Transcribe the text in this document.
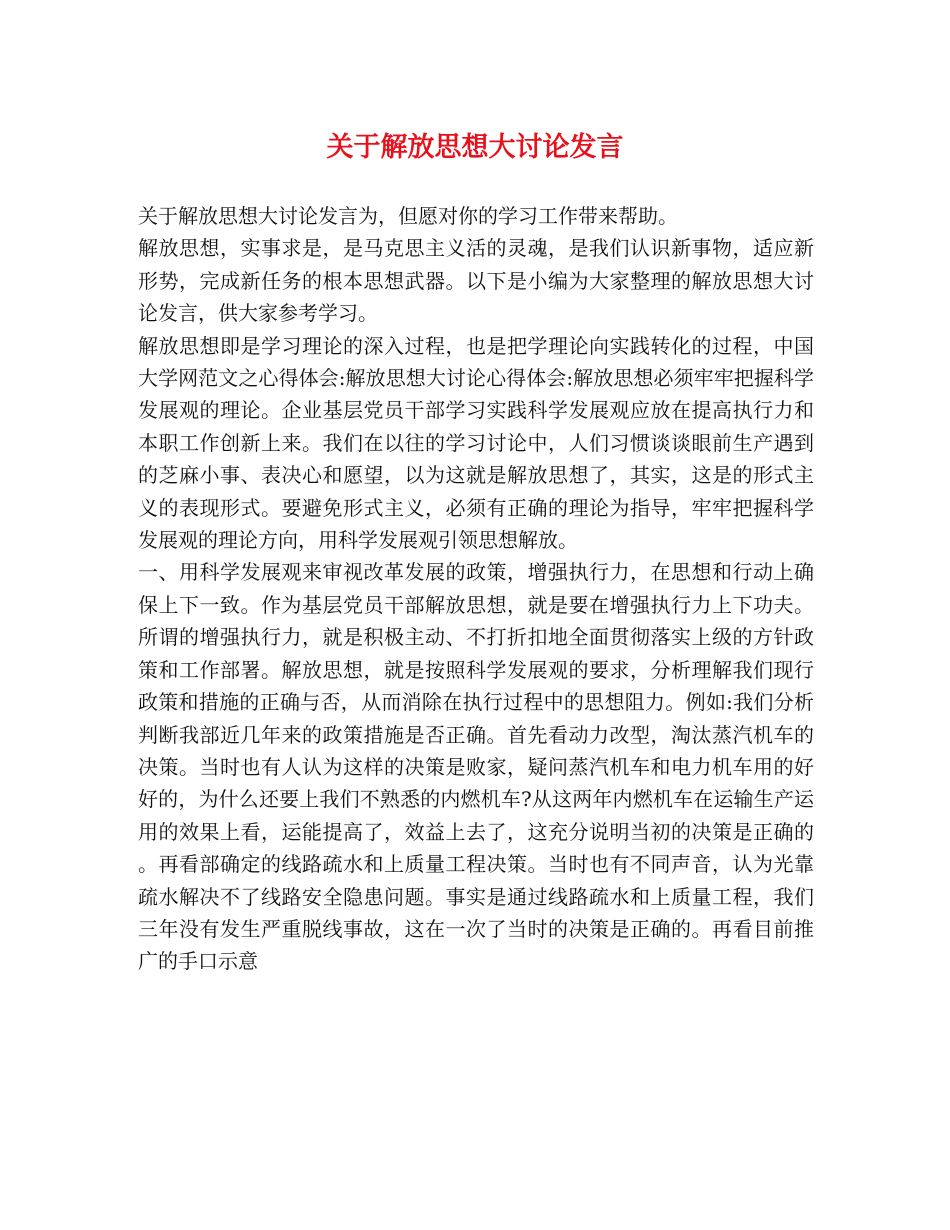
关于解放思想大讨论发言

关于解放思想大讨论发言为，但愿对你的学习工作带来帮助。

解放思想，实事求是，是马克思主义活的灵魂，是我们认识新事物，适应新形势，完成新任务的根本思想武器。以下是小编为大家整理的解放思想大讨论发言，供大家参考学习。

解放思想即是学习理论的深入过程，也是把学理论向实践转化的过程，中国大学网范文之心得体会:解放思想大讨论心得体会:解放思想必须牢牢把握科学发展观的理论。企业基层党员干部学习实践科学发展观应放在提高执行力和本职工作创新上来。我们在以往的学习讨论中，人们习惯谈谈眼前生产遇到的芝麻小事、表决心和愿望，以为这就是解放思想了，其实，这是的形式主义的表现形式。要避免形式主义，必须有正确的理论为指导，牢牢把握科学发展观的理论方向，用科学发展观引领思想解放。

一、用科学发展观来审视改革发展的政策，增强执行力，在思想和行动上确保上下一致。作为基层党员干部解放思想，就是要在增强执行力上下功夫。所谓的增强执行力，就是积极主动、不打折扣地全面贯彻落实上级的方针政策和工作部署。解放思想，就是按照科学发展观的要求，分析理解我们现行政策和措施的正确与否，从而消除在执行过程中的思想阻力。例如:我们分析判断我部近几年来的政策措施是否正确。首先看动力改型，淘汰蒸汽机车的决策。当时也有人认为这样的决策是败家，疑问蒸汽机车和电力机车用的好好的，为什么还要上我们不熟悉的内燃机车?从这两年内燃机车在运输生产运用的效果上看，运能提高了，效益上去了，这充分说明当初的决策是正确的。再看部确定的线路疏水和上质量工程决策。当时也有不同声音，认为光靠疏水解决不了线路安全隐患问题。事实是通过线路疏水和上质量工程，我们三年没有发生严重脱线事故，这在一次了当时的决策是正确的。再看目前推广的手口示意
